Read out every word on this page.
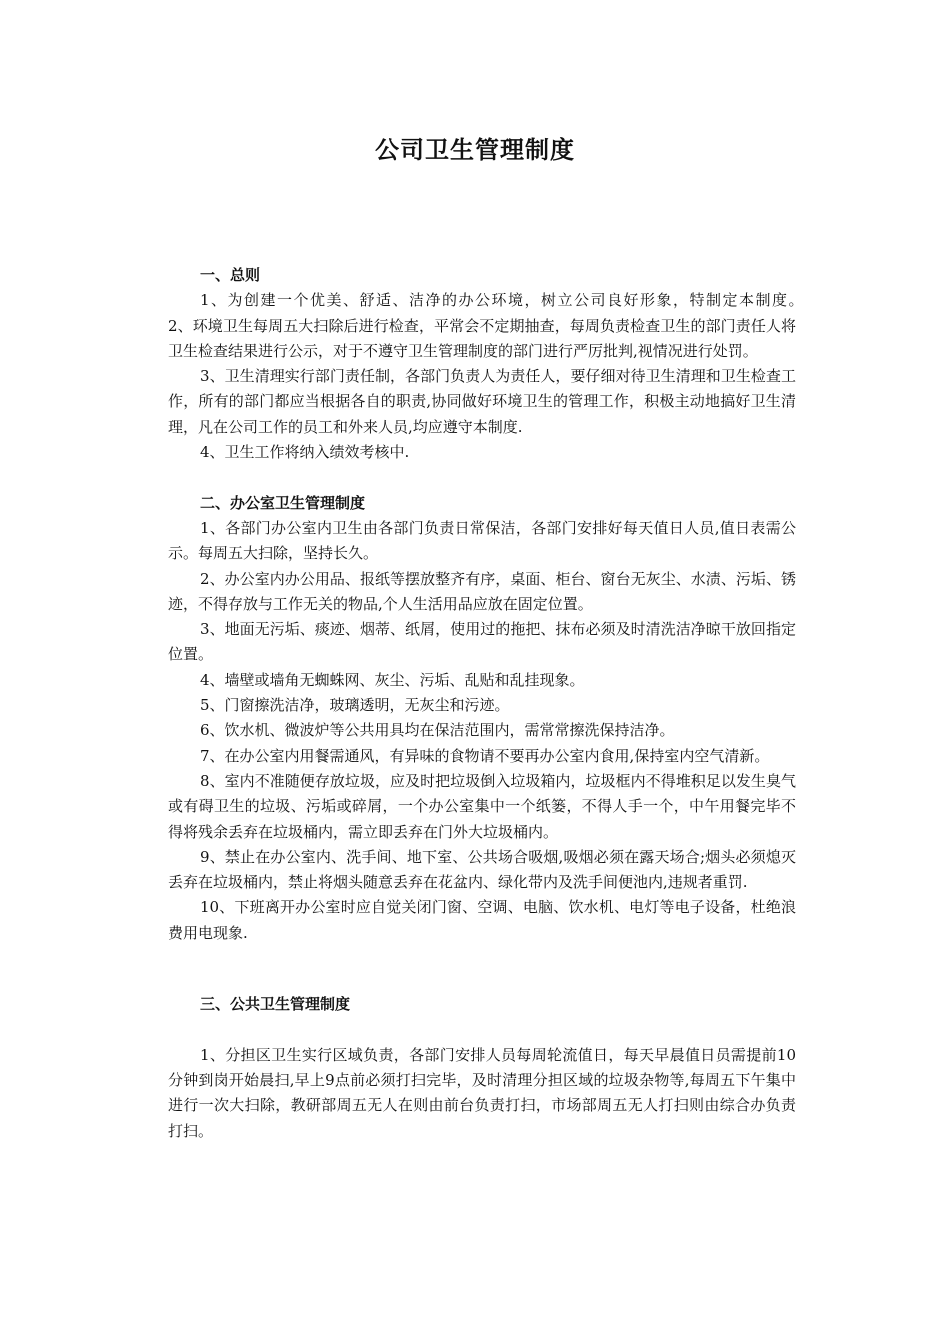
公司卫生管理制度

一、总则

1、为创建一个优美、舒适、洁净的办公环境，树立公司良好形象，特制定本制度。　　2、环境卫生每周五大扫除后进行检查，平常会不定期抽查，每周负责检查卫生的部门责任人将卫生检查结果进行公示，对于不遵守卫生管理制度的部门进行严厉批判,视情况进行处罚。

3、卫生清理实行部门责任制，各部门负责人为责任人，要仔细对待卫生清理和卫生检查工作，所有的部门都应当根据各自的职责,协同做好环境卫生的管理工作，积极主动地搞好卫生清理，凡在公司工作的员工和外来人员,均应遵守本制度.

4、卫生工作将纳入绩效考核中.

二、办公室卫生管理制度

1、各部门办公室内卫生由各部门负责日常保洁，各部门安排好每天值日人员,值日表需公示。每周五大扫除，坚持长久。

2、办公室内办公用品、报纸等摆放整齐有序，桌面、柜台、窗台无灰尘、水渍、污垢、锈迹，不得存放与工作无关的物品,个人生活用品应放在固定位置。

3、地面无污垢、痰迹、烟蒂、纸屑，使用过的拖把、抹布必须及时清洗洁净晾干放回指定位置。

4、墙壁或墙角无蜘蛛网、灰尘、污垢、乱贴和乱挂现象。

5、门窗擦洗洁净，玻璃透明，无灰尘和污迹。

6、饮水机、微波炉等公共用具均在保洁范围内，需常常擦洗保持洁净。

7、在办公室内用餐需通风，有异味的食物请不要再办公室内食用,保持室内空气清新。

8、室内不准随便存放垃圾，应及时把垃圾倒入垃圾箱内，垃圾框内不得堆积足以发生臭气或有碍卫生的垃圾、污垢或碎屑，一个办公室集中一个纸篓，不得人手一个，中午用餐完毕不得将残余丢弃在垃圾桶内，需立即丢弃在门外大垃圾桶内。

9、禁止在办公室内、洗手间、地下室、公共场合吸烟,吸烟必须在露天场合;烟头必须熄灭丢弃在垃圾桶内，禁止将烟头随意丢弃在花盆内、绿化带内及洗手间便池内,违规者重罚.

10、下班离开办公室时应自觉关闭门窗、空调、电脑、饮水机、电灯等电子设备，杜绝浪费用电现象.

三、公共卫生管理制度

1、分担区卫生实行区域负责，各部门安排人员每周轮流值日，每天早晨值日员需提前10分钟到岗开始晨扫,早上9点前必须打扫完毕，及时清理分担区域的垃圾杂物等,每周五下午集中进行一次大扫除，教研部周五无人在则由前台负责打扫，市场部周五无人打扫则由综合办负责打扫。
